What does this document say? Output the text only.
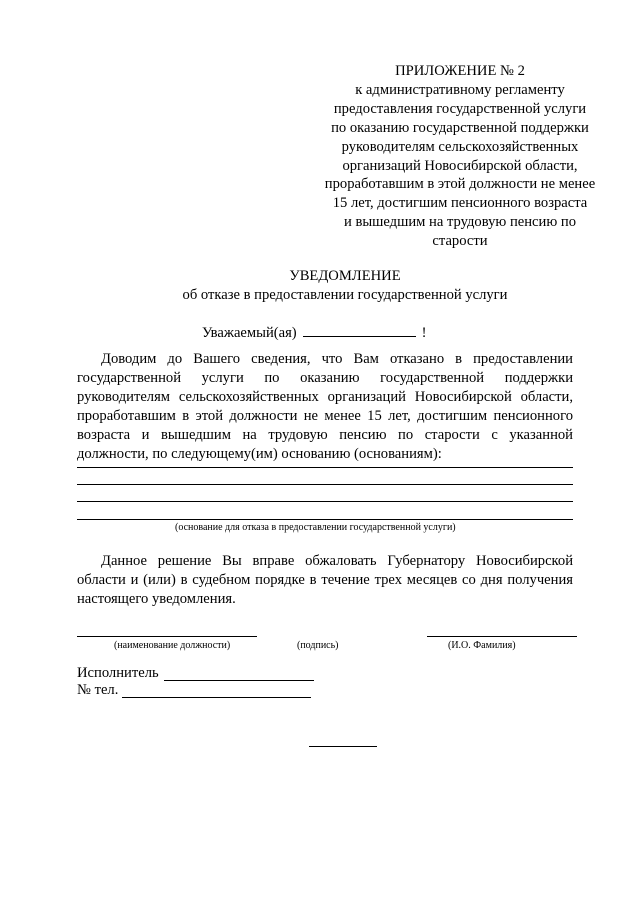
ПРИЛОЖЕНИЕ № 2
к административному регламенту
предоставления государственной услуги
по оказанию государственной поддержки
руководителям сельскохозяйственных
организаций Новосибирской области,
проработавшим в этой должности не менее
15 лет, достигшим пенсионного возраста
и вышедшим на трудовую пенсию по
старости
УВЕДОМЛЕНИЕ
об отказе в предоставлении государственной услуги
Уважаемый(ая)	!
Доводим до Вашего сведения, что Вам отказано в предоставлении государственной услуги по оказанию государственной поддержки руководителям сельскохозяйственных организаций Новосибирской области, проработавшим в этой должности не менее 15 лет, достигшим пенсионного возраста и вышедшим на трудовую пенсию по старости с указанной должности, по следующему(им) основанию (основаниям):
(основание для отказа в предоставлении государственной услуги)
Данное решение Вы вправе обжаловать Губернатору Новосибирской области и (или) в судебном порядке в течение трех месяцев со дня получения настоящего уведомления.
(наименование должности)	(подпись)	(И.О. Фамилия)
Исполнитель
№ тел.
